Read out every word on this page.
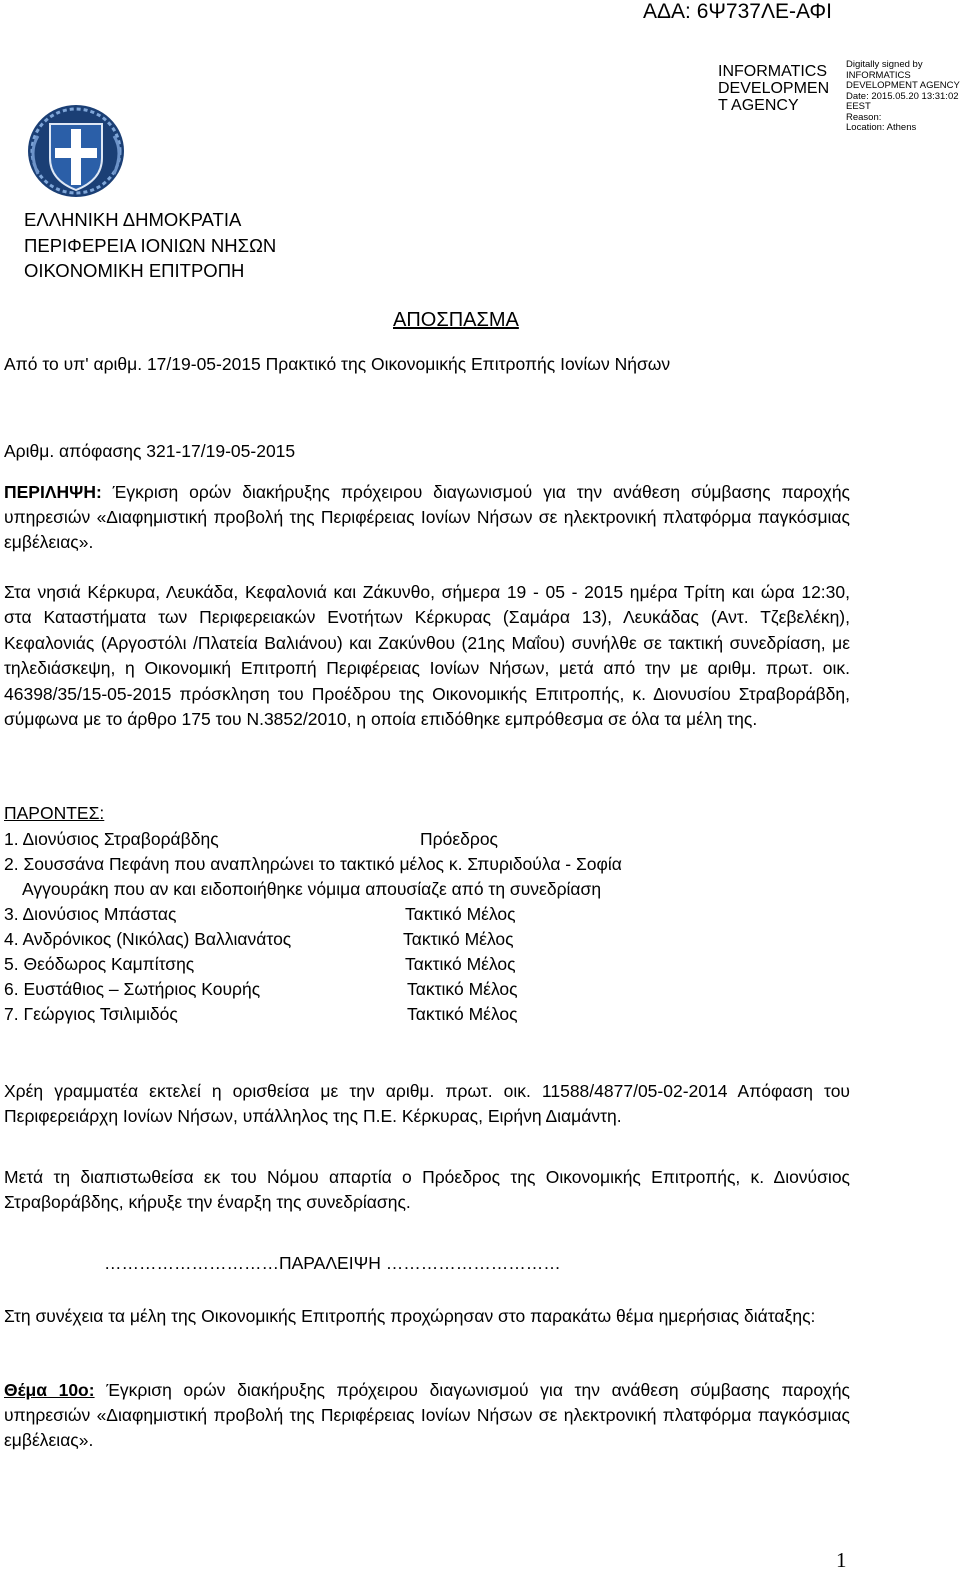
ΑΔΑ: 6Ψ737ΛΕ-ΑΦΙ
INFORMATICS
DEVELOPMEN
T AGENCY
Digitally signed by
INFORMATICS
DEVELOPMENT AGENCY
Date: 2015.05.20 13:31:02
EEST
Reason:
Location: Athens
ΕΛΛΗΝΙΚΗ ΔΗΜΟΚΡΑΤΙΑ
ΠΕΡΙΦΕΡΕΙΑ ΙΟΝΙΩΝ ΝΗΣΩΝ
ΟΙΚΟΝΟΜΙΚΗ ΕΠΙΤΡΟΠΗ
ΑΠΟΣΠΑΣΜΑ
Από το υπ' αριθμ. 17/19-05-2015 Πρακτικό της Οικονομικής Επιτροπής Ιονίων Νήσων
Αριθμ. απόφασης 321-17/19-05-2015
ΠΕΡΙΛΗΨΗ: Έγκριση ορών διακήρυξης πρόχειρου διαγωνισμού για την ανάθεση σύμβασης παροχής υπηρεσιών «Διαφημιστική προβολή της Περιφέρειας Ιονίων Νήσων σε ηλεκτρονική πλατφόρμα παγκόσμιας εμβέλειας».
Στα νησιά Κέρκυρα, Λευκάδα, Κεφαλονιά και Ζάκυνθο, σήμερα 19 - 05 - 2015 ημέρα Τρίτη και ώρα 12:30, στα Καταστήματα των Περιφερειακών Ενοτήτων Κέρκυρας (Σαμάρα 13), Λευκάδας (Αντ. Τζεβελέκη), Κεφαλονιάς (Αργοστόλι /Πλατεία Βαλιάνου) και Ζακύνθου (21ης Μαΐου) συνήλθε σε τακτική συνεδρίαση, με τηλεδιάσκεψη, η Οικονομική Επιτροπή Περιφέρειας Ιονίων Νήσων, μετά από την με αριθμ. πρωτ. οικ. 46398/35/15-05-2015 πρόσκληση του Προέδρου της Οικονομικής Επιτροπής, κ. Διονυσίου Στραβοράβδη, σύμφωνα με το άρθρο 175 του Ν.3852/2010, η οποία επιδόθηκε εμπρόθεσμα σε όλα τα μέλη της.
ΠΑΡΟΝΤΕΣ:
1. Διονύσιος Στραβοράβδης	Πρόεδρος
2. Σουσσάνα Πεφάνη που αναπληρώνει το τακτικό μέλος κ. Σπυριδούλα - Σοφία
Αγγουράκη που αν και ειδοποιήθηκε νόμιμα απουσίαζε από τη συνεδρίαση
3. Διονύσιος Μπάστας	Τακτικό Μέλος
4. Ανδρόνικος (Νικόλας) Βαλλιανάτος	Τακτικό Μέλος
5. Θεόδωρος Καμπίτσης	Τακτικό Μέλος
6. Ευστάθιος – Σωτήριος Κουρής	Τακτικό Μέλος
7. Γεώργιος Τσιλιμιδός	Τακτικό Μέλος
Χρέη γραμματέα εκτελεί η ορισθείσα με την αριθμ. πρωτ. οικ. 11588/4877/05-02-2014 Απόφαση του Περιφερειάρχη Ιονίων Νήσων, υπάλληλος της Π.Ε. Κέρκυρας, Ειρήνη Διαμάντη.
Μετά τη διαπιστωθείσα εκ του Νόμου απαρτία ο Πρόεδρος της Οικονομικής Επιτροπής, κ. Διονύσιος Στραβοράβδης, κήρυξε την έναρξη της συνεδρίασης.
…………………………ΠΑΡΑΛΕΙΨΗ …………………………
Στη συνέχεια τα μέλη της Οικονομικής Επιτροπής προχώρησαν στο παρακάτω θέμα ημερήσιας διάταξης:
Θέμα 10ο: Έγκριση ορών διακήρυξης πρόχειρου διαγωνισμού για την ανάθεση σύμβασης παροχής υπηρεσιών «Διαφημιστική προβολή της Περιφέρειας Ιονίων Νήσων σε ηλεκτρονική πλατφόρμα παγκόσμιας εμβέλειας».
1
